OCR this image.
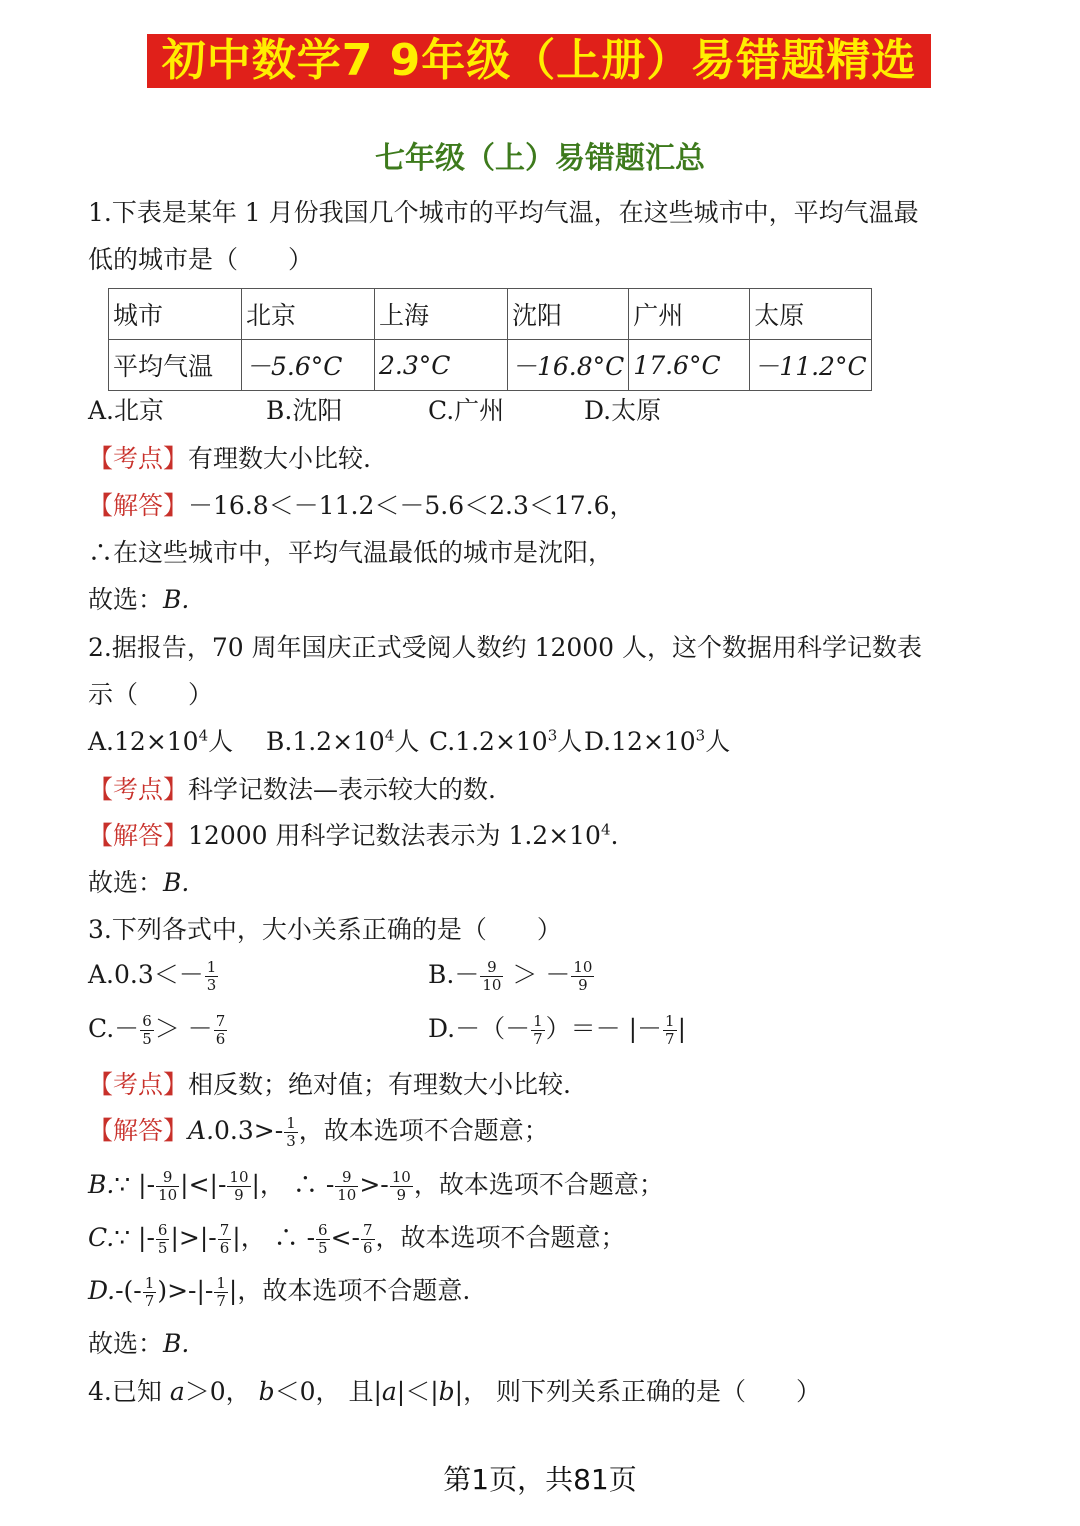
初中数学7 9年级（上册）易错题精选
七年级（上）易错题汇总
1.下表是某年 1 月份我国几个城市的平均气温，在这些城市中，平均气温最
低的城市是（　　）
城市	北京	上海	沈阳	广州	太原
平均气温	－5.6°C	2.3°C	－16.8°C	17.6°C	－11.2°C
A.北京	B.沈阳	C.广州	D.太原
【考点】有理数大小比较.
【解答】－16.8＜－11.2＜－5.6＜2.3＜17.6，
∴在这些城市中，平均气温最低的城市是沈阳，
故选：B.
2.据报告，70 周年国庆正式受阅人数约 12000 人，这个数据用科学记数表
示（　　）
$A.12\times 10^4$人 $B.1.2\times 10^4$人 $C.1.2\times 10^3$人 $D.12\times 10^3$人
【考点】科学记数法—表示较大的数.
【解答】12000 用科学记数法表示为 $1.2\times 10^4$.
故选：B.
3.下列各式中，大小关系正确的是（　　）
$A.0.3<- \frac{1}{3}$	$B.- \frac{9}{10}$ ＞ － $\frac{10}{9}$
$C.- \frac{6}{5}$ ＞ － $\frac{7}{6}$	$D.-(- \frac{1}{7}$ ）＝－ |－ $\frac{1}{7}$ |
【考点】相反数；绝对值；有理数大小比较.
【解答】$A.0.3>- \frac{1}{3}$ ，故本选项不合题意；
B.∵ |- $\frac{9}{10}$ |<|- $\frac{10}{9}$ |， ∴ - $\frac{9}{10} >- \frac{10}{9}$ ，故本选项不合题意；
C.∵ |- $\frac{6}{5}$ |>|- $\frac{7}{6}$ |， ∴ - $\frac{6}{5} <- \frac{7}{6}$ ，故本选项不合题意；
$D.-(- \frac{1}{7}$ )>-|- $\frac{1}{7}$ |，故本选项不合题意.
故选：B.
4.已知 a＞0， b＜0， 且|a|＜|b|， 则下列关系正确的是（　　）
第1页，共81页
